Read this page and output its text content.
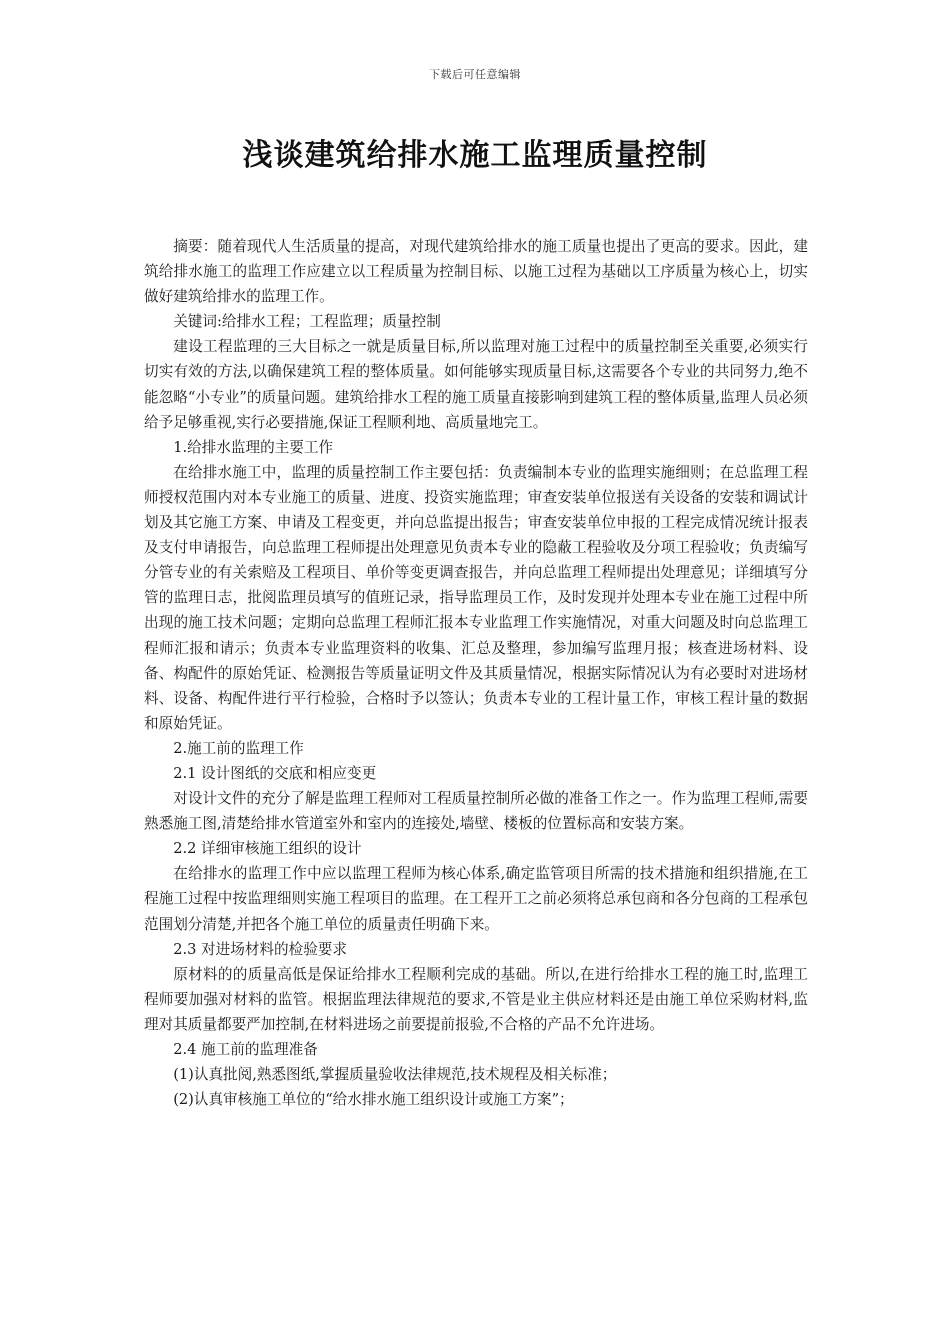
下载后可任意编辑
浅谈建筑给排水施工监理质量控制

摘要：随着现代人生活质量的提高，对现代建筑给排水的施工质量也提出了更高的要求。因此，建筑给排水施工的监理工作应建立以工程质量为控制目标、以施工过程为基础以工序质量为核心上，切实做好建筑给排水的监理工作。

关键词:给排水工程；工程监理；质量控制

建设工程监理的三大目标之一就是质量目标,所以监理对施工过程中的质量控制至关重要,必须实行切实有效的方法,以确保建筑工程的整体质量。如何能够实现质量目标,这需要各个专业的共同努力,绝不能忽略“小专业”的质量问题。建筑给排水工程的施工质量直接影响到建筑工程的整体质量,监理人员必须给予足够重视,实行必要措施,保证工程顺利地、高质量地完工。

1.给排水监理的主要工作

在给排水施工中，监理的质量控制工作主要包括：负责编制本专业的监理实施细则；在总监理工程师授权范围内对本专业施工的质量、进度、投资实施监理；审查安装单位报送有关设备的安装和调试计划及其它施工方案、申请及工程变更，并向总监提出报告；审查安装单位申报的工程完成情况统计报表及支付申请报告，向总监理工程师提出处理意见负责本专业的隐蔽工程验收及分项工程验收；负责编写分管专业的有关索赔及工程项目、单价等变更调查报告，并向总监理工程师提出处理意见；详细填写分管的监理日志，批阅监理员填写的值班记录，指导监理员工作，及时发现并处理本专业在施工过程中所出现的施工技术问题；定期向总监理工程师汇报本专业监理工作实施情况，对重大问题及时向总监理工程师汇报和请示；负责本专业监理资料的收集、汇总及整理，参加编写监理月报；核查进场材料、设备、构配件的原始凭证、检测报告等质量证明文件及其质量情况，根据实际情况认为有必要时对进场材料、设备、构配件进行平行检验，合格时予以签认；负责本专业的工程计量工作，审核工程计量的数据和原始凭证。

2.施工前的监理工作

2.1 设计图纸的交底和相应变更

对设计文件的充分了解是监理工程师对工程质量控制所必做的准备工作之一。作为监理工程师,需要熟悉施工图,清楚给排水管道室外和室内的连接处,墙壁、楼板的位置标高和安装方案。

2.2 详细审核施工组织的设计

在给排水的监理工作中应以监理工程师为核心体系,确定监管项目所需的技术措施和组织措施,在工程施工过程中按监理细则实施工程项目的监理。在工程开工之前必须将总承包商和各分包商的工程承包范围划分清楚,并把各个施工单位的质量责任明确下来。

2.3 对进场材料的检验要求

原材料的的质量高低是保证给排水工程顺利完成的基础。所以,在进行给排水工程的施工时,监理工程师要加强对材料的监管。根据监理法律规范的要求,不管是业主供应材料还是由施工单位采购材料,监理对其质量都要严加控制,在材料进场之前要提前报验,不合格的产品不允许进场。

2.4 施工前的监理准备

(1)认真批阅,熟悉图纸,掌握质量验收法律规范,技术规程及相关标准；

(2)认真审核施工单位的“给水排水施工组织设计或施工方案”；
